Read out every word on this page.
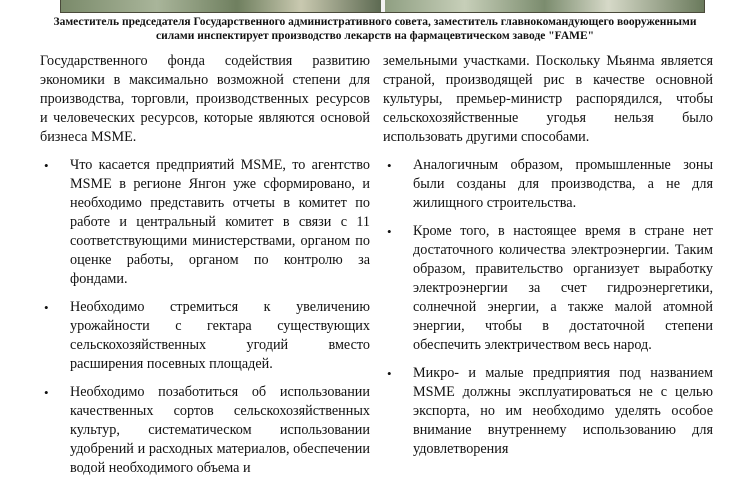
Заместитель председателя Государственного административного совета, заместитель главнокомандующего вооруженными силами инспектирует производство лекарств на фармацевтическом заводе "FAME"

Государственного фонда содействия развитию экономики в максимально возможной степени для производства, торговли, производственных ресурсов и человеческих ресурсов, которые являются основой бизнеса MSME.

• Что касается предприятий MSME, то агентство MSME в регионе Янгон уже сформировано, и необходимо представить отчеты в комитет по работе и центральный комитет в связи с 11 соответствующими министерствами, органом по оценке работы, органом по контролю за фондами.
• Необходимо стремиться к увеличению урожайности с гектара существующих сельскохозяйственных угодий вместо расширения посевных площадей.
• Необходимо позаботиться об использовании качественных сортов сельскохозяйственных культур, систематическом использовании удобрений и расходных материалов, обеспечении водой необходимого объема и

земельными участками. Поскольку Мьянма является страной, производящей рис в качестве основной культуры, премьер-министр распорядился, чтобы сельскохозяйственные угодья нельзя было использовать другими способами.

• Аналогичным образом, промышленные зоны были созданы для производства, а не для жилищного строительства.
• Кроме того, в настоящее время в стране нет достаточного количества электроэнергии. Таким образом, правительство организует выработку электроэнергии за счет гидроэнергетики, солнечной энергии, а также малой атомной энергии, чтобы в достаточной степени обеспечить электричеством весь народ.
• Микро- и малые предприятия под названием MSME должны эксплуатироваться не с целью экспорта, но им необходимо уделять особое внимание внутреннему использованию для удовлетворения
